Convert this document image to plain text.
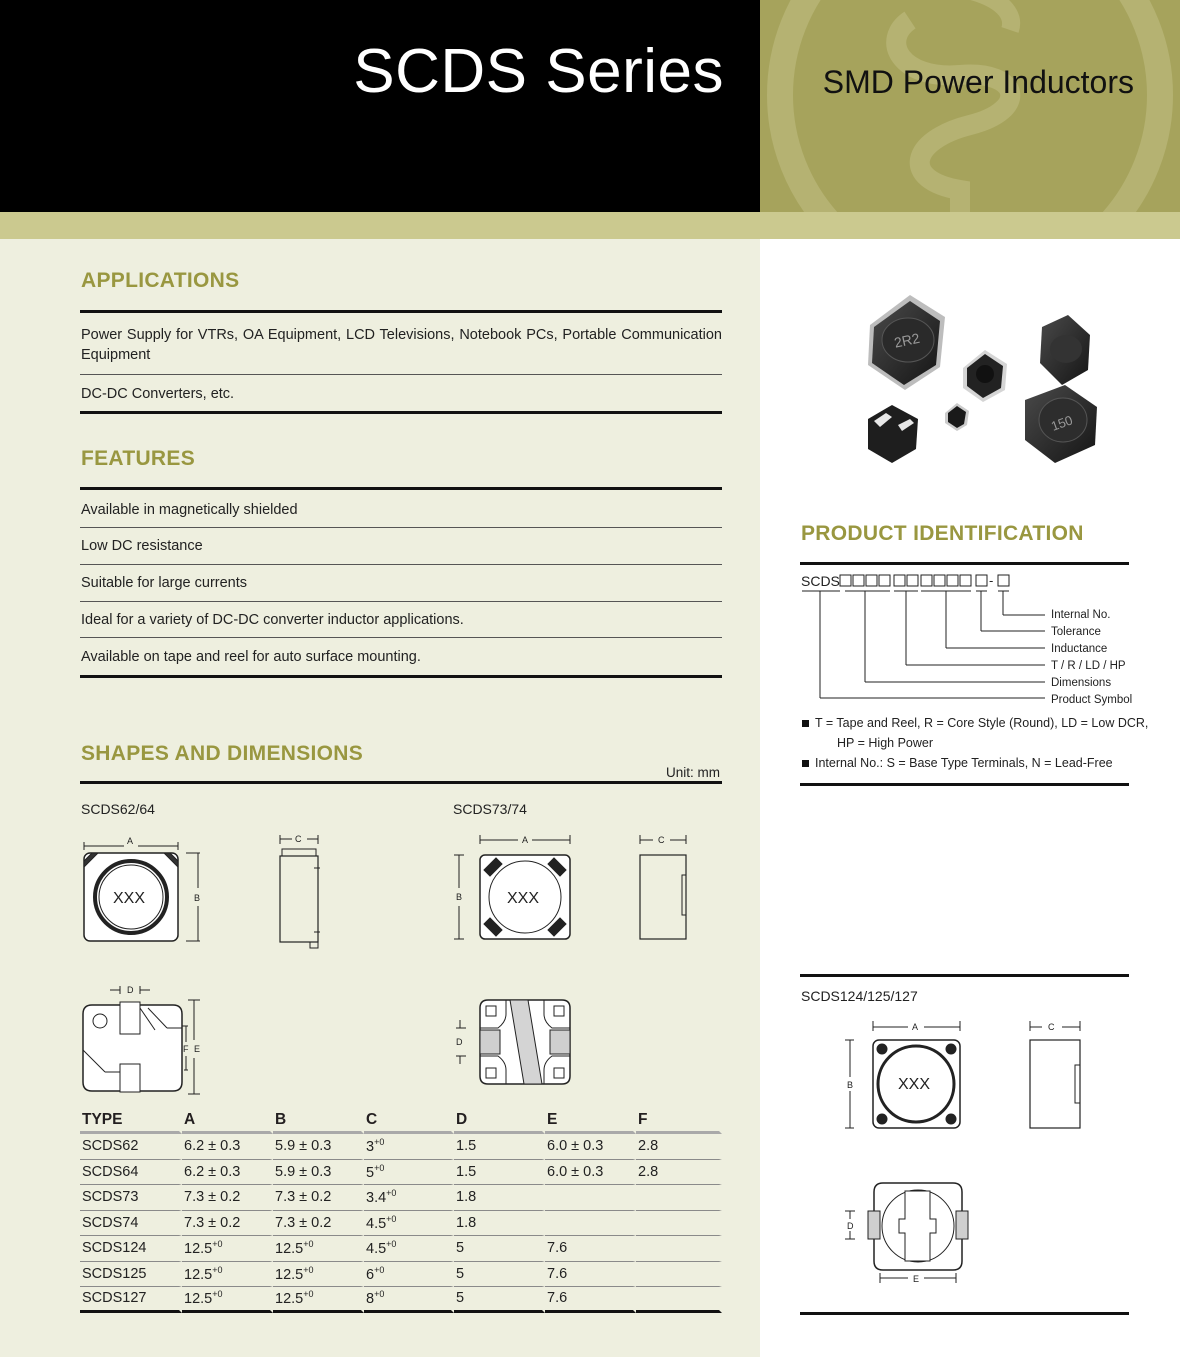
SCDS Series	SMD Power Inductors
APPLICATIONS
Power Supply for VTRs, OA Equipment, LCD Televisions, Notebook PCs, Portable Communication Equipment
DC-DC Converters, etc.
FEATURES
Available in magnetically shielded
Low DC resistance
Suitable for large currents
Ideal for a variety of DC-DC converter inductor applications.
Available on tape and reel for auto surface mounting.
SHAPES AND DIMENSIONS
Unit: mm
SCDS62/64	SCDS73/74
A
B
C
D
F E
XXX
A
B
C
D
XXX
TYPE	A	B	C	D	E	F
SCDS62	6.2 ± 0.3	5.9 ± 0.3	$3^{+0}$	1.5	6.0 ± 0.3	2.8
SCDS64	6.2 ± 0.3	5.9 ± 0.3	$5^{+0}$	1.5	6.0 ± 0.3	2.8
SCDS73	7.3 ± 0.2	7.3 ± 0.2	$3.4^{+0}$	1.8		
SCDS74	7.3 ± 0.2	7.3 ± 0.2	$4.5^{+0}$	1.8		
SCDS124	$12.5^{+0}$	$12.5^{+0}$	$4.5^{+0}$	5	7.6	
SCDS125	$12.5^{+0}$	$12.5^{+0}$	$6^{+0}$	5	7.6	
SCDS127	$12.5^{+0}$	$12.5^{+0}$	$8^{+0}$	5	7.6	
2R2
150
PRODUCT IDENTIFICATION
SCDS	-
Internal No.
Tolerance
Inductance
T / R / LD / HP
Dimensions
Product Symbol
T = Tape and Reel, R = Core Style (Round), LD = Low DCR,
HP = High Power
Internal No.: S = Base Type Terminals, N = Lead-Free
SCDS124/125/127
A
B
C
D
E
XXX
